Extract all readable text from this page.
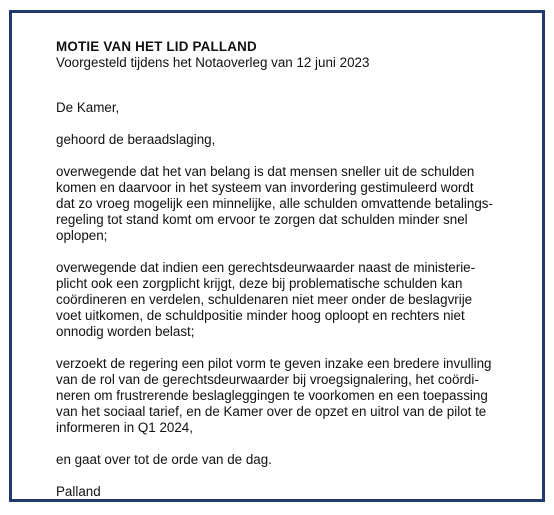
MOTIE VAN HET LID PALLAND
Voorgesteld tijdens het Notaoverleg van 12 juni 2023
De Kamer,
gehoord de beraadslaging,
overwegende dat het van belang is dat mensen sneller uit de schulden
komen en daarvoor in het systeem van invordering gestimuleerd wordt
dat zo vroeg mogelijk een minnelijke, alle schulden omvattende betalings-
regeling tot stand komt om ervoor te zorgen dat schulden minder snel
oplopen;
overwegende dat indien een gerechtsdeurwaarder naast de ministerie-
plicht ook een zorgplicht krijgt, deze bij problematische schulden kan
coördineren en verdelen, schuldenaren niet meer onder de beslagvrije
voet uitkomen, de schuldpositie minder hoog oploopt en rechters niet
onnodig worden belast;
verzoekt de regering een pilot vorm te geven inzake een bredere invulling
van de rol van de gerechtsdeurwaarder bij vroegsignalering, het coördi-
neren om frustrerende beslagleggingen te voorkomen en een toepassing
van het sociaal tarief, en de Kamer over de opzet en uitrol van de pilot te
informeren in Q1 2024,
en gaat over tot de orde van de dag.
Palland
